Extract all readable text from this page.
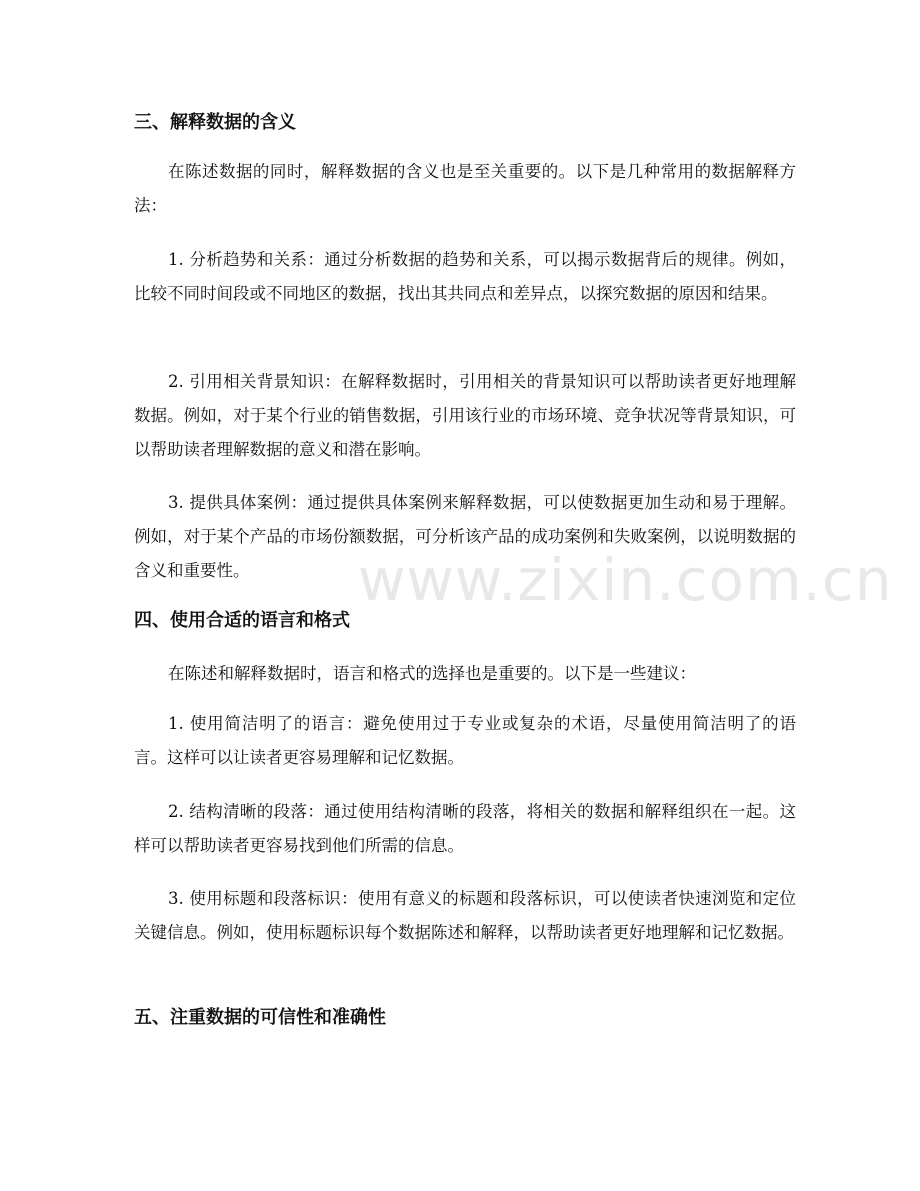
三、解释数据的含义
在陈述数据的同时，解释数据的含义也是至关重要的。以下是几种常用的数据解释方法：
1. 分析趋势和关系：通过分析数据的趋势和关系，可以揭示数据背后的规律。例如，比较不同时间段或不同地区的数据，找出其共同点和差异点，以探究数据的原因和结果。
2. 引用相关背景知识：在解释数据时，引用相关的背景知识可以帮助读者更好地理解数据。例如，对于某个行业的销售数据，引用该行业的市场环境、竞争状况等背景知识，可以帮助读者理解数据的意义和潜在影响。
3. 提供具体案例：通过提供具体案例来解释数据，可以使数据更加生动和易于理解。例如，对于某个产品的市场份额数据，可分析该产品的成功案例和失败案例，以说明数据的含义和重要性。
四、使用合适的语言和格式
在陈述和解释数据时，语言和格式的选择也是重要的。以下是一些建议：
1. 使用简洁明了的语言：避免使用过于专业或复杂的术语，尽量使用简洁明了的语言。这样可以让读者更容易理解和记忆数据。
2. 结构清晰的段落：通过使用结构清晰的段落，将相关的数据和解释组织在一起。这样可以帮助读者更容易找到他们所需的信息。
3. 使用标题和段落标识：使用有意义的标题和段落标识，可以使读者快速浏览和定位关键信息。例如，使用标题标识每个数据陈述和解释，以帮助读者更好地理解和记忆数据。
五、注重数据的可信性和准确性
www.zixin.com.cn
